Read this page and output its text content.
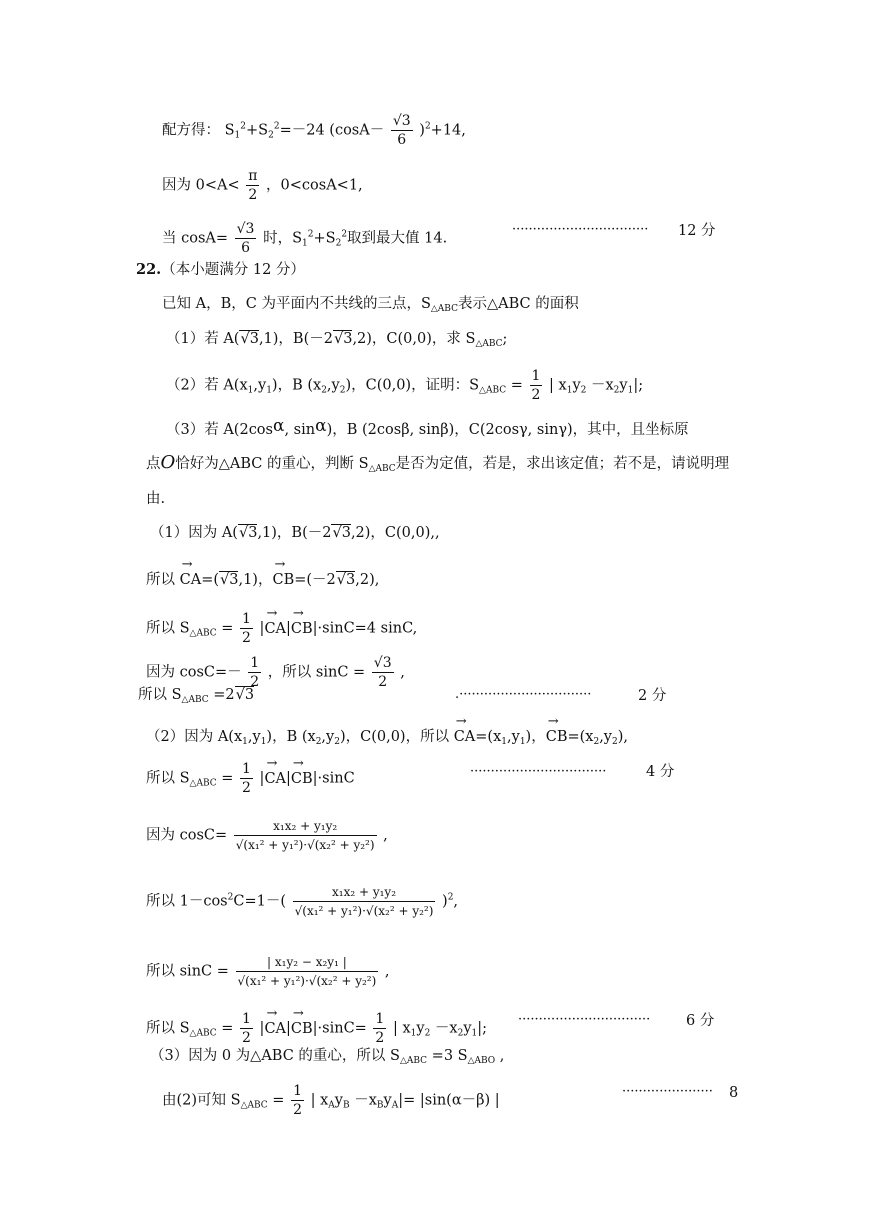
配方得： $S_1^2+S_2^2=-24$ $(\cos A- \frac{√3}{6} )^2+14$,
因为 $0<A< \frac{\pi}{2}$ ，0<cosA<1,
当 $\cos A= \frac{√3}{6}$ 时，$S_1^2+S_2^2$取到最大值 14.
································· 12 分
22.（本小题满分 12 分）
已知 A，B，C 为平面内不共线的三点，$S_{\triangle ABC}$表示△ABC 的面积
（1）若 A(√3,1)，B(－2√3,2)，C(0,0)，求 $S_{\triangle ABC}$;
（2）若 $A(x_1,y_1)$，B $(x_2,y_2)$，C(0,0)，证明：$S_{\triangle ABC} = \frac{1}{2}$ | $x_1y_2 -x_2y_1|$;
（3）若 A(2cosα, sinα)，B (2cosβ, sinβ)，C(2cosγ, sinγ)，其中，且坐标原
点O恰好为△ABC 的重心，判断 $S_{\triangle ABC}$是否为定值，若是，求出该定值；若不是，请说明理
由.
（1）因为 A(√3,1)，B(－2√3,2)，C(0,0),,
所以 → CA=(√3,1)，→ CB=(－2√3,2),
所以 $S_{\triangle ABC} = \frac{1}{2}$ |→ CA|→ CB|·sinC=4 sinC,
因为 $\cos C=- \frac{1}{2}$ ，所以 $\sin C = \frac{√3}{2}$ ,
所以 $S_{\triangle ABC} =2√3$	.································	2 分
（2）因为 $A(x_1,y_1)$，B $(x_2,y_2)$，C(0,0)，所以 → $CA=(x_1,y_1)$，→ $CB=(x_2,y_2)$,
所以 $S_{\triangle ABC} = \frac{1}{2}$ |→ CA|→ CB|·sinC	·································	4 分
因为 $\cos C= \frac{\text{x₁x₂ + y₁y₂}}{\text{√(x₁² + y₁²)·√(x₂² + y₂²)}}$ ,
所以 $1-\cos^2C=1-( \frac{\text{x₁x₂ + y₁y₂}}{\text{√(x₁² + y₁²)·√(x₂² + y₂²)}} )^2$,
所以 $\sin C = \frac{\text{| x₁y₂ − x₂y₁ |}}{\text{√(x₁² + y₁²)·√(x₂² + y₂²)}}$ ,
所以 $S_{\triangle ABC} = \frac{1}{2}$ |→ $CA|\to CB|\cdot\sin C= \frac{1}{2}$ | $x_1y_2 -x_2y_1|$;
································ 6 分
（3）因为 0 为△ABC 的重心，所以 $S_{\triangle ABC} =3$ $S_{\triangle ABO}$ ,
由(2)可知 $S_{\triangle ABC} = \frac{1}{2}$ | $x_Ay_B -x_By_A|= |\sin(\alpha-\beta)$ |
······················ 8
